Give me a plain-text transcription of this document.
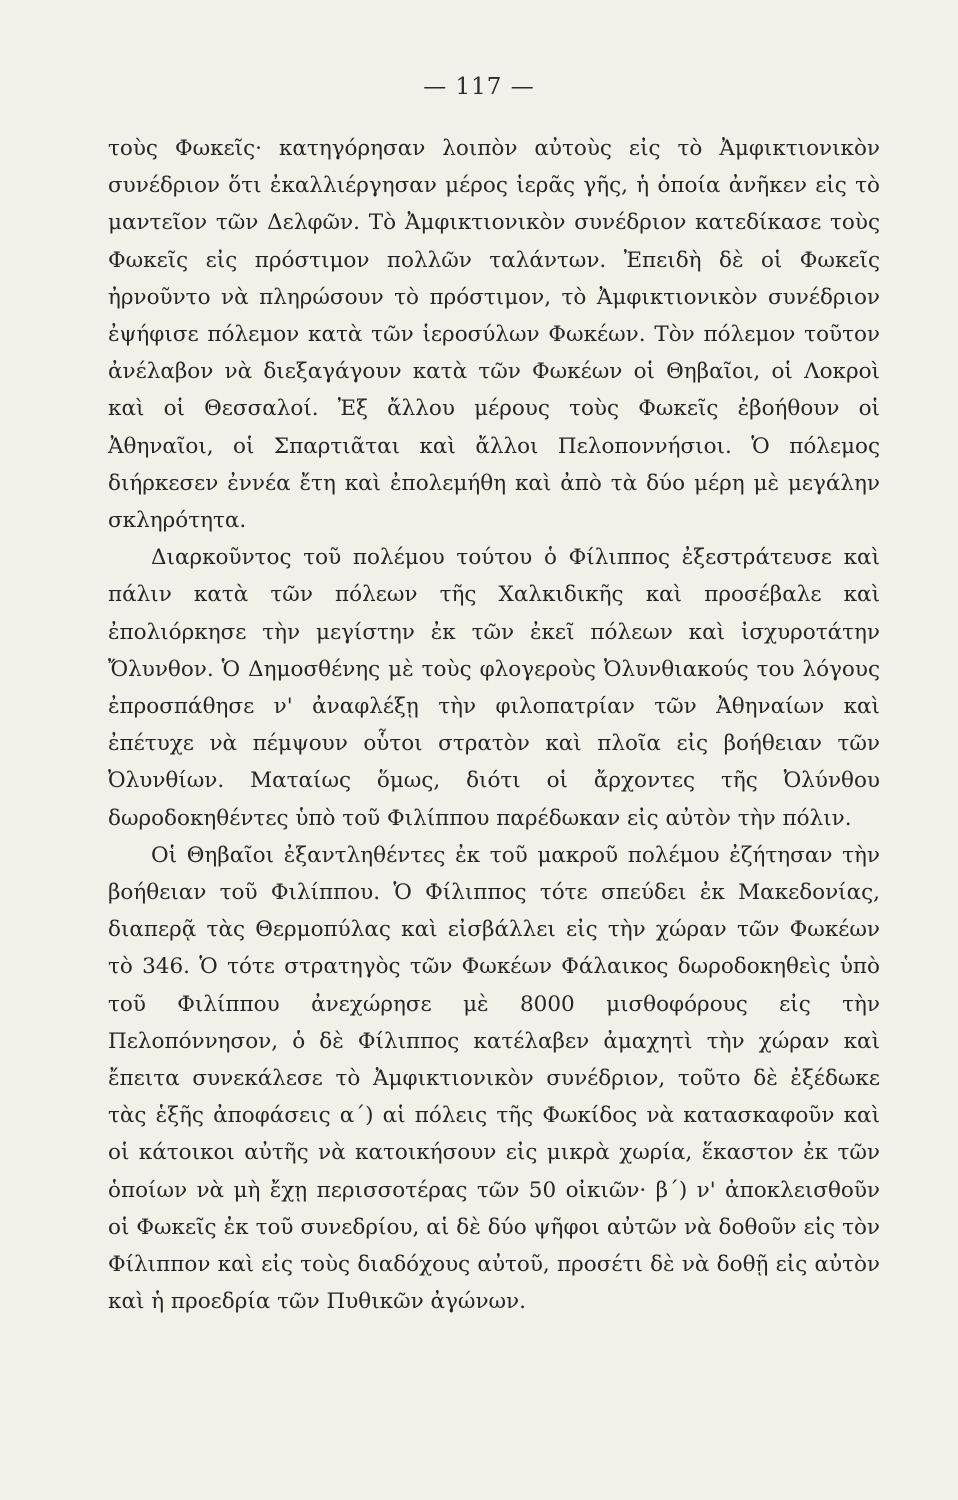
— 117 —

τοὺς Φωκεῖς· κατηγόρησαν λοιπὸν αὐτοὺς εἰς τὸ Ἀμφικτιονικὸν συνέδριον ὅτι ἐκαλλιέργησαν μέρος ἱερᾶς γῆς, ἡ ὁποία ἀνῆκεν εἰς τὸ μαντεῖον τῶν Δελφῶν. Τὸ Ἀμφικτιονικὸν συνέδριον κατεδίκασε τοὺς Φωκεῖς εἰς πρόστιμον πολλῶν ταλάντων. Ἐπειδὴ δὲ οἱ Φωκεῖς ἠρνοῦντο νὰ πληρώσουν τὸ πρόστιμον, τὸ Ἀμφικτιονικὸν συνέδριον ἐψήφισε πόλεμον κατὰ τῶν ἱεροσύλων Φωκέων. Τὸν πόλεμον τοῦτον ἀνέλαβον νὰ διεξαγάγουν κατὰ τῶν Φωκέων οἱ Θηβαῖοι, οἱ Λοκροὶ καὶ οἱ Θεσσαλοί. Ἐξ ἄλλου μέρους τοὺς Φωκεῖς ἐβοήθουν οἱ Ἀθηναῖοι, οἱ Σπαρτιᾶται καὶ ἄλλοι Πελοποννήσιοι. Ὁ πόλεμος διήρκεσεν ἐννέα ἔτη καὶ ἐπολεμήθη καὶ ἀπὸ τὰ δύο μέρη μὲ μεγάλην σκληρότητα.

Διαρκοῦντος τοῦ πολέμου τούτου ὁ Φίλιππος ἐξεστράτευσε καὶ πάλιν κατὰ τῶν πόλεων τῆς Χαλκιδικῆς καὶ προσέβαλε καὶ ἐπολιόρκησε τὴν μεγίστην ἐκ τῶν ἐκεῖ πόλεων καὶ ἰσχυροτάτην Ὄλυνθον. Ὁ Δημοσθένης μὲ τοὺς φλογεροὺς Ὀλυνθιακούς του λόγους ἐπροσπάθησε ν' ἀναφλέξῃ τὴν φιλοπατρίαν τῶν Ἀθηναίων καὶ ἐπέτυχε νὰ πέμψουν οὗτοι στρατὸν καὶ πλοῖα εἰς βοήθειαν τῶν Ὀλυνθίων. Ματαίως ὅμως, διότι οἱ ἄρχοντες τῆς Ὀλύνθου δωροδοκηθέντες ὑπὸ τοῦ Φιλίππου παρέδωκαν εἰς αὐτὸν τὴν πόλιν.

Οἱ Θηβαῖοι ἐξαντληθέντες ἐκ τοῦ μακροῦ πολέμου ἐζήτησαν τὴν βοήθειαν τοῦ Φιλίππου. Ὁ Φίλιππος τότε σπεύδει ἐκ Μακεδονίας, διαπερᾷ τὰς Θερμοπύλας καὶ εἰσβάλλει εἰς τὴν χώραν τῶν Φωκέων τὸ 346. Ὁ τότε στρατηγὸς τῶν Φωκέων Φάλαικος δωροδοκηθεὶς ὑπὸ τοῦ Φιλίππου ἀνεχώρησε μὲ 8000 μισθοφόρους εἰς τὴν Πελοπόννησον, ὁ δὲ Φίλιππος κατέλαβεν ἀμαχητὶ τὴν χώραν καὶ ἔπειτα συνεκάλεσε τὸ Ἀμφικτιονικὸν συνέδριον, τοῦτο δὲ ἐξέδωκε τὰς ἑξῆς ἀποφάσεις α΄) αἱ πόλεις τῆς Φωκίδος νὰ κατασκαφοῦν καὶ οἱ κάτοικοι αὐτῆς νὰ κατοικήσουν εἰς μικρὰ χωρία, ἕκαστον ἐκ τῶν ὁποίων νὰ μὴ ἔχῃ περισσοτέρας τῶν 50 οἰκιῶν· β΄) ν' ἀποκλεισθοῦν οἱ Φωκεῖς ἐκ τοῦ συνεδρίου, αἱ δὲ δύο ψῆφοι αὐτῶν νὰ δοθοῦν εἰς τὸν Φίλιππον καὶ εἰς τοὺς διαδόχους αὐτοῦ, προσέτι δὲ νὰ δοθῇ εἰς αὐτὸν καὶ ἡ προεδρία τῶν Πυθικῶν ἀγώνων.
